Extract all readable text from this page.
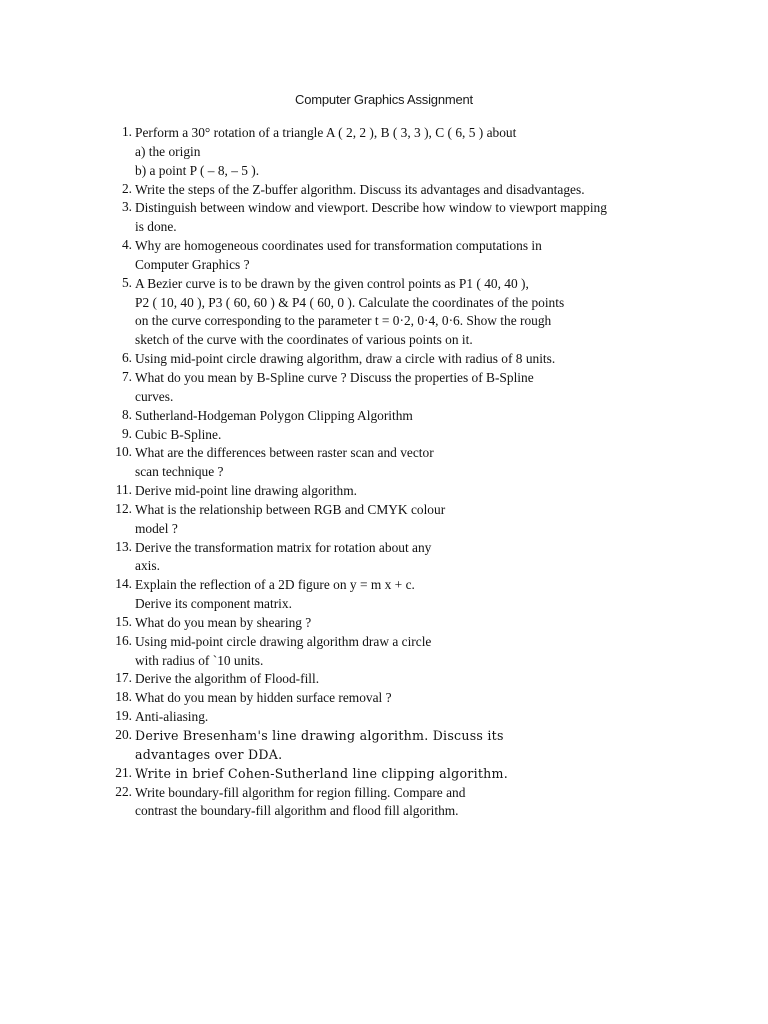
Computer Graphics Assignment
1. Perform a 30° rotation of a triangle A ( 2, 2 ), B ( 3, 3 ), C ( 6, 5 ) about
a) the origin
b) a point P ( – 8, – 5 ).
2. Write the steps of the Z-buffer algorithm. Discuss its advantages and disadvantages.
3. Distinguish between window and viewport. Describe how window to viewport mapping
is done.
4. Why are homogeneous coordinates used for transformation computations in
Computer Graphics ?
5. A Bezier curve is to be drawn by the given control points as P1 ( 40, 40 ),
P2 ( 10, 40 ), P3 ( 60, 60 ) & P4 ( 60, 0 ). Calculate the coordinates of the points
on the curve corresponding to the parameter t = 0·2, 0·4, 0·6. Show the rough
sketch of the curve with the coordinates of various points on it.
6. Using mid-point circle drawing algorithm, draw a circle with radius of 8 units.
7. What do you mean by B-Spline curve ? Discuss the properties of B-Spline
curves.
8. Sutherland-Hodgeman Polygon Clipping Algorithm
9. Cubic B-Spline.
10. What are the differences between raster scan and vector
scan technique ?
11. Derive mid-point line drawing algorithm.
12. What is the relationship between RGB and CMYK colour
model ?
13. Derive the transformation matrix for rotation about any
axis.
14. Explain the reflection of a 2D figure on y = m x + c.
Derive its component matrix.
15. What do you mean by shearing ?
16. Using mid-point circle drawing algorithm draw a circle
with radius of `10 units.
17. Derive the algorithm of Flood-fill.
18. What do you mean by hidden surface removal ?
19. Anti-aliasing.
20. Derive Bresenham's line drawing algorithm. Discuss its
advantages over DDA.
21. Write in brief Cohen-Sutherland line clipping algorithm.
22. Write boundary-fill algorithm for region filling. Compare and
contrast the boundary-fill algorithm and flood fill algorithm.
